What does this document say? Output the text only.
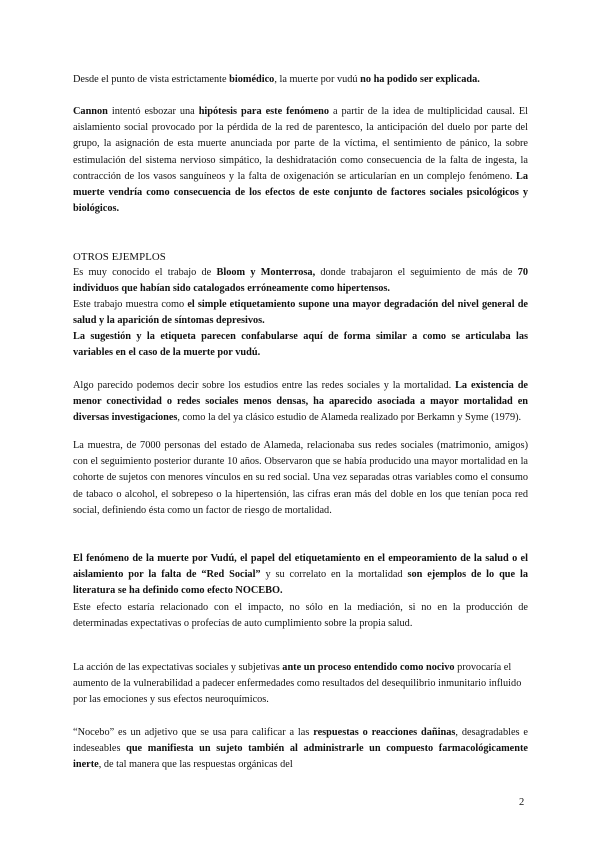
Desde el punto de vista estrictamente biomédico, la muerte por vudú no ha podido ser explicada.

Cannon intentó esbozar una hipótesis para este fenómeno a partir de la idea de multiplicidad causal. El aislamiento social provocado por la pérdida de la red de parentesco, la anticipación del duelo por parte del grupo, la asignación de esta muerte anunciada por parte de la víctima, el sentimiento de pánico, la sobre estimulación del sistema nervioso simpático, la deshidratación como consecuencia de la falta de ingesta, la contracción de los vasos sanguíneos y la falta de oxigenación se articularían en un complejo fenómeno. La muerte vendría como consecuencia de los efectos de este conjunto de factores sociales psicológicos y biológicos.

OTROS EJEMPLOS

Es muy conocido el trabajo de Bloom y Monterrosa, donde trabajaron el seguimiento de más de 70 individuos que habían sido catalogados erróneamente como hipertensos.

Este trabajo muestra como el simple etiquetamiento supone una mayor degradación del nivel general de salud y la aparición de síntomas depresivos.

La sugestión y la etiqueta parecen confabularse aquí de forma similar a como se articulaba las variables en el caso de la muerte por vudú.

Algo parecido podemos decir sobre los estudios entre las redes sociales y la mortalidad. La existencia de menor conectividad o redes sociales menos densas, ha aparecido asociada a mayor mortalidad en diversas investigaciones, como la del ya clásico estudio de Alameda realizado por Berkamn y Syme (1979).

La muestra, de 7000 personas del estado de Alameda, relacionaba sus redes sociales (matrimonio, amigos) con el seguimiento posterior durante 10 años. Observaron que se había producido una mayor mortalidad en la cohorte de sujetos con menores vínculos en su red social. Una vez separadas otras variables como el consumo de tabaco o alcohol, el sobrepeso o la hipertensión, las cifras eran más del doble en los que tenían poca red social, definiendo ésta como un factor de riesgo de mortalidad.

El fenómeno de la muerte por Vudú, el papel del etiquetamiento en el empeoramiento de la salud o el aislamiento por la falta de “Red Social” y su correlato en la mortalidad son ejemplos de lo que la literatura se ha definido como efecto NOCEBO.

Este efecto estaría relacionado con el impacto, no sólo en la mediación, si no en la producción de determinadas expectativas o profecías de auto cumplimiento sobre la propia salud.

La acción de las expectativas sociales y subjetivas ante un proceso entendido como nocivo provocaría el aumento de la vulnerabilidad a padecer enfermedades como resultados del desequilibrio inmunitario influido por las emociones y sus efectos neuroquímicos.

“Nocebo” es un adjetivo que se usa para calificar a las respuestas o reacciones dañinas, desagradables e indeseables que manifiesta un sujeto también al administrarle un compuesto farmacológicamente inerte, de tal manera que las respuestas orgánicas del

2
